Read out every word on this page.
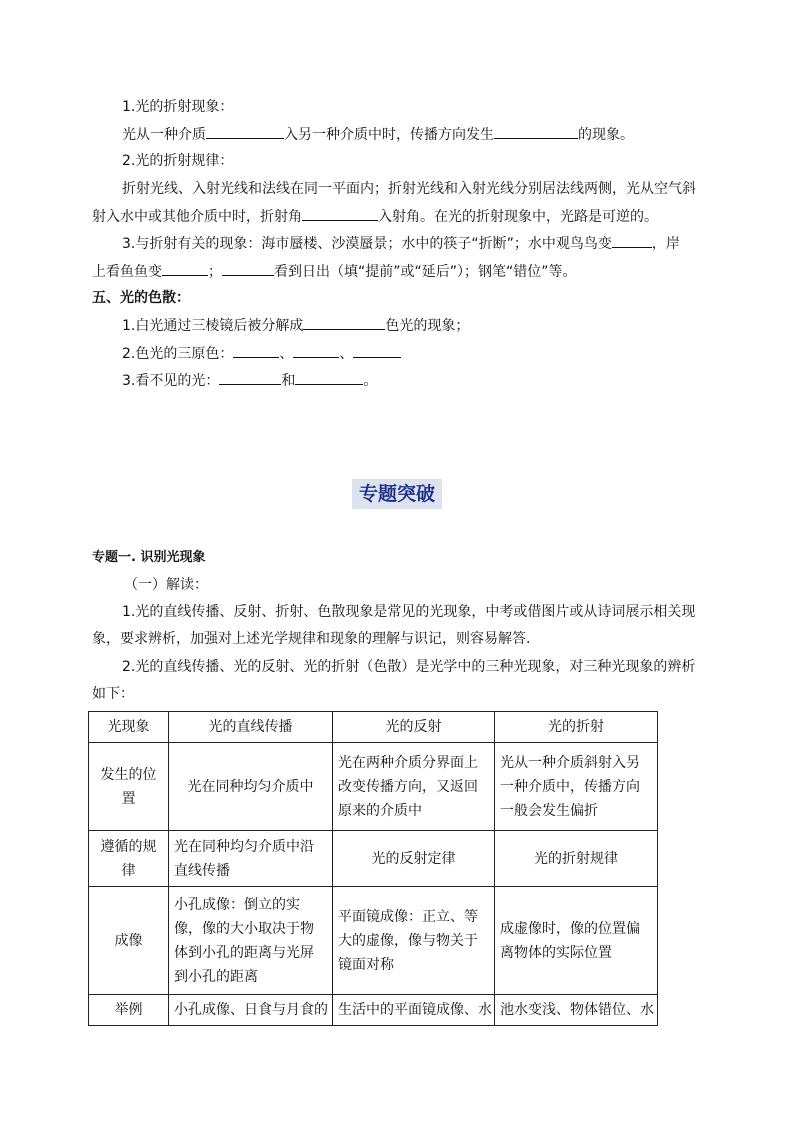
1.光的折射现象：
光从一种介质	入另一种介质中时，传播方向发生	的现象。
2.光的折射规律：
折射光线、入射光线和法线在同一平面内；折射光线和入射光线分别居法线两侧，光从空气斜
射入水中或其他介质中时，折射角	入射角。在光的折射现象中，光路是可逆的。
3.与折射有关的现象：海市蜃楼、沙漠蜃景；水中的筷子“折断”；水中观鸟鸟变	，岸
上看鱼鱼变	；	看到日出（填“提前”或“延后”）；钢笔“错位”等。
五、光的色散：
1.白光通过三棱镜后被分解成	色光的现象；
2.色光的三原色：	、	、
3.看不见的光：	和	。
专题突破
专题一. 识别光现象
（一）解读：
1.光的直线传播、反射、折射、色散现象是常见的光现象，中考或借图片或从诗词展示相关现
象，要求辨析，加强对上述光学规律和现象的理解与识记，则容易解答.
2.光的直线传播、光的反射、光的折射（色散）是光学中的三种光现象，对三种光现象的辨析
如下：
光现象	光的直线传播	光的反射	光的折射
发生的位置	光在同种均匀介质中	光在两种介质分界面上改变传播方向，又返回原来的介质中	光从一种介质斜射入另一种介质中，传播方向一般会发生偏折
遵循的规律	光在同种均匀介质中沿直线传播	光的反射定律	光的折射规律
成像	小孔成像：倒立的实像，像的大小取决于物体到小孔的距离与光屏到小孔的距离	平面镜成像：正立、等大的虚像，像与物关于镜面对称	成虚像时，像的位置偏离物体的实际位置
举例	小孔成像、日食与月食的	生活中的平面镜成像、水	池水变浅、物体错位、水
